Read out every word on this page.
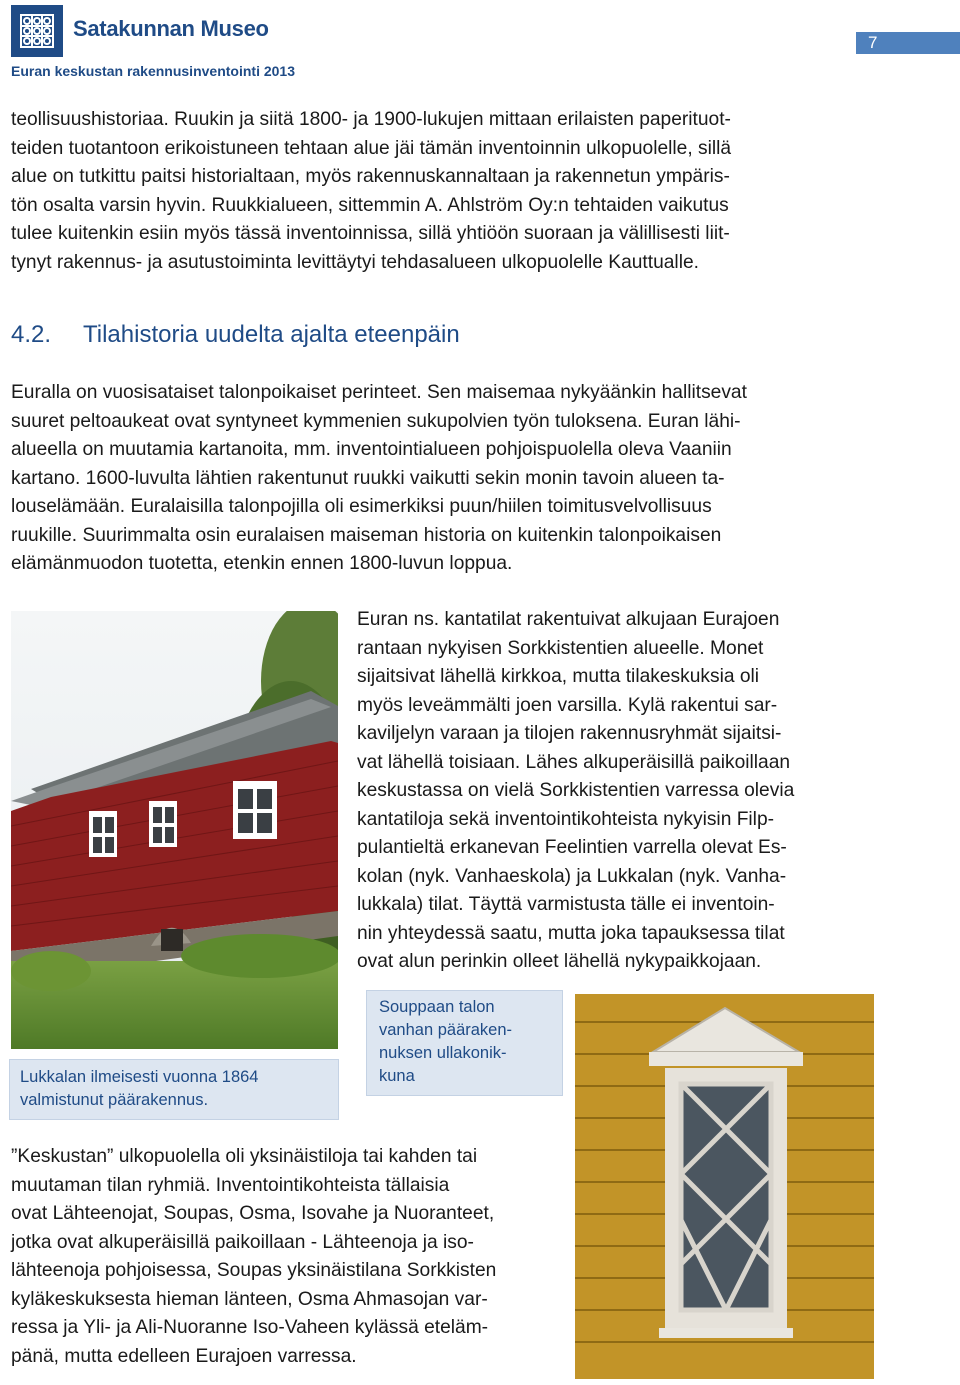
Satakunnan Museo
Euran keskustan rakennusinventointi 2013
7
teollisuushistoriaa. Ruukin ja siitä 1800- ja 1900-lukujen mittaan erilaisten paperituot-
teiden tuotantoon erikoistuneen tehtaan alue jäi tämän inventoinnin ulkopuolelle, sillä
alue on tutkittu paitsi historialtaan, myös rakennuskannaltaan ja rakennetun ympäris-
tön osalta varsin hyvin. Ruukkialueen, sittemmin A. Ahlström Oy:n tehtaiden vaikutus
tulee kuitenkin esiin myös tässä inventoinnissa, sillä yhtiöön suoraan ja välillisesti liit-
tynyt rakennus- ja asutustoiminta levittäytyi tehdasalueen ulkopuolelle Kauttualle.
4.2. Tilahistoria uudelta ajalta eteenpäin
Euralla on vuosisataiset talonpoikaiset perinteet. Sen maisemaa nykyäänkin hallitsevat
suuret peltoaukeat ovat syntyneet kymmenien sukupolvien työn tuloksena. Euran lähi-
alueella on muutamia kartanoita, mm. inventointialueen pohjoispuolella oleva Vaaniin
kartano. 1600-luvulta lähtien rakentunut ruukki vaikutti sekin monin tavoin alueen ta-
louselämään. Euralaisilla talonpojilla oli esimerkiksi puun/hiilen toimitusvelvollisuus
ruukille. Suurimmalta osin euralaisen maiseman historia on kuitenkin talonpoikaisen
elämänmuodon tuotetta, etenkin ennen 1800-luvun loppua.
Euran ns. kantatilat rakentuivat alkujaan Eurajoen
rantaan nykyisen Sorkkistentien alueelle. Monet
sijaitsivat lähellä kirkkoa, mutta tilakeskuksia oli
myös leveämmälti joen varsilla. Kylä rakentui sar-
kaviljelyn varaan ja tilojen rakennusryhmät sijaitsi-
vat lähellä toisiaan. Lähes alkuperäisillä paikoillaan
keskustassa on vielä Sorkkistentien varressa olevia
kantatiloja sekä inventointikohteista nykyisin Filp-
pulantieltä erkanevan Feelintien varrella olevat Es-
kolan (nyk. Vanhaeskola) ja Lukkalan (nyk. Vanha-
lukkala) tilat. Täyttä varmistusta tälle ei inventoin-
nin yhteydessä saatu, mutta joka tapauksessa tilat
ovat alun perinkin olleet lähellä nykypaikkojaan.
Lukkalan ilmeisesti vuonna 1864
valmistunut päärakennus.
Souppaan talon
vanhan pääraken-
nuksen ullakonik-
kuna
”Keskustan” ulkopuolella oli yksinäistiloja tai kahden tai
muutaman tilan ryhmiä. Inventointikohteista tällaisia
ovat Lähteenojat, Soupas, Osma, Isovahe ja Nuoranteet,
jotka ovat alkuperäisillä paikoillaan - Lähteenoja ja iso-
lähteenoja pohjoisessa, Soupas yksinäistilana Sorkkisten
kyläkeskuksesta hieman länteen, Osma Ahmasojan var-
ressa ja Yli- ja Ali-Nuoranne Iso-Vaheen kylässä eteläm-
pänä, mutta edelleen Eurajoen varressa.
